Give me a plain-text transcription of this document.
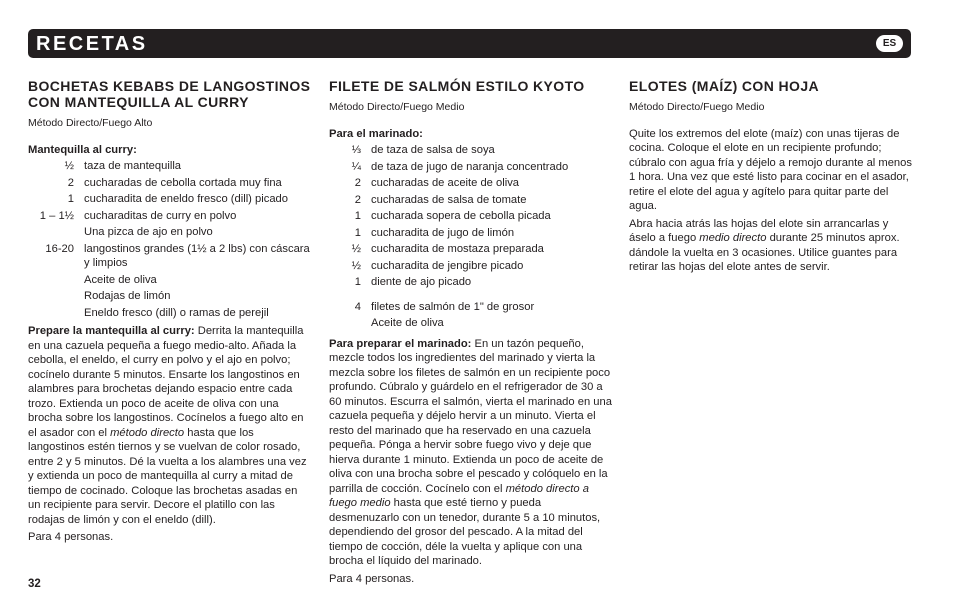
RECETAS	ES
BOCHETAS KEBABS DE LANGOSTINOS CON MANTEQUILLA AL CURRY
Método Directo/Fuego Alto
Mantequilla al curry:
½ taza de mantequilla
2 cucharadas de cebolla cortada muy fina
1 cucharadita de eneldo fresco (dill) picado
1 – 1½ cucharaditas de curry en polvo
Una pizca de ajo en polvo
16-20 langostinos grandes (1½ a 2 lbs) con cáscara y limpios
Aceite de oliva
Rodajas de limón
Eneldo fresco (dill) o ramas de perejil

Prepare la mantequilla al curry: Derrita la mantequilla en una cazuela pequeña a fuego medio-alto. Añada la cebolla, el eneldo, el curry en polvo y el ajo en polvo; cocínelo durante 5 minutos. Ensarte los langostinos en alambres para brochetas dejando espacio entre cada trozo. Extienda un poco de aceite de oliva con una brocha sobre los langostinos. Cocínelos a fuego alto en el asador con el método directo hasta que los langostinos estén tiernos y se vuelvan de color rosado, entre 2 y 5 minutos. Dé la vuelta a los alambres una vez y extienda un poco de mantequilla al curry a mitad de tiempo de cocinado. Coloque las brochetas asadas en un recipiente para servir. Decore el platillo con las rodajas de limón y con el eneldo (dill).

Para 4 personas.

FILETE DE SALMÓN ESTILO KYOTO
Método Directo/Fuego Medio
Para el marinado:
⅓ de taza de salsa de soya
¼ de taza de jugo de naranja concentrado
2 cucharadas de aceite de oliva
2 cucharadas de salsa de tomate
1 cucharada sopera de cebolla picada
1 cucharadita de jugo de limón
½ cucharadita de mostaza preparada
½ cucharadita de jengibre picado
1 diente de ajo picado
4 filetes de salmón de 1" de grosor
Aceite de oliva

Para preparar el marinado: En un tazón pequeño, mezcle todos los ingredientes del marinado y vierta la mezcla sobre los filetes de salmón en un recipiente poco profundo. Cúbralo y guárdelo en el refrigerador de 30 a 60 minutos. Escurra el salmón, vierta el marinado en una cazuela pequeña y déjelo hervir a un minuto. Vierta el resto del marinado que ha reservado en una cazuela pequeña. Pónga a hervir sobre fuego vivo y deje que hierva durante 1 minuto. Extienda un poco de aceite de oliva con una brocha sobre el pescado y colóquelo en la parrilla de cocción. Cocínelo con el método directo a fuego medio hasta que esté tierno y pueda desmenuzarlo con un tenedor, durante 5 a 10 minutos, dependiendo del grosor del pescado. A la mitad del tiempo de cocción, déle la vuelta y aplique con una brocha el líquido del marinado.

Para 4 personas.

ELOTES (MAÍZ) CON HOJA
Método Directo/Fuego Medio

Quite los extremos del elote (maíz) con unas tijeras de cocina. Coloque el elote en un recipiente profundo; cúbralo con agua fría y déjelo a remojo durante al menos 1 hora. Una vez que esté listo para cocinar en el asador, retire el elote del agua y agítelo para quitar parte del agua.

Abra hacia atrás las hojas del elote sin arrancarlas y áselo a fuego medio directo durante 25 minutos aprox. dándole la vuelta en 3 ocasiones. Utilice guantes para retirar las hojas del elote antes de servir.

32
